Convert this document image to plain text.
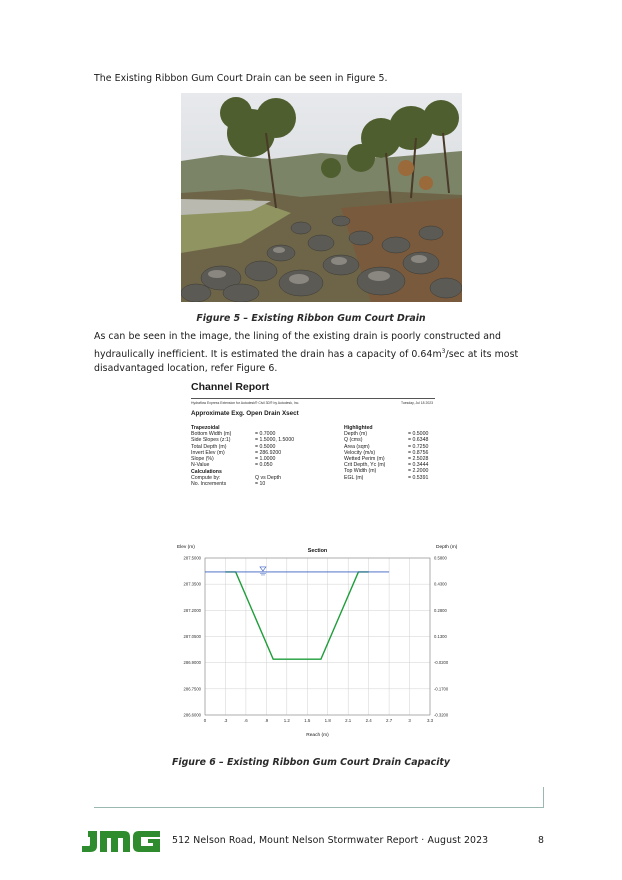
The Existing Ribbon Gum Court Drain can be seen in Figure 5.
Figure 5 – Existing Ribbon Gum Court Drain
As can be seen in the image, the lining of the existing drain is poorly constructed and hydraulically inefficient. It is estimated the drain has a capacity of $0.64m^3/\sec$ at its most disadvantaged location, refer Figure 6.
Channel Report
Hydraflow Express Extension for Autodesk® Civil 3D® by Autodesk, Inc.	Tuesday, Jul 18 2023
Approximate Exg. Open Drain Xsect
Trapezoidal
Bottom Width (m)	= 0.7000
Side Slopes (z:1)	= 1.5000, 1.5000
Total Depth (m)	= 0.5000
Invert Elev (m)	= 286.9200
Slope (%)	= 1.0000
N-Value	= 0.050
Calculations
Compute by:	Q vs Depth
No. Increments	= 10
Highlighted
Depth (m)	= 0.5000
Q (cms)	= 0.6348
Area (sqm)	= 0.7250
Velocity (m/s)	= 0.8756
Wetted Perim (m)	= 2.5028
Crit Depth, Yc (m)	= 0.3444
Top Width (m)	= 2.2000
EGL (m)	= 0.5391
287.5000	0.5800
287.3500	0.4300
287.2000	0.2800
287.0500	0.1300
286.9000	-0.0200
286.7500	-0.1700
286.6000	-0.3200
0	.3	.6	.9	1.2	1.5	1.8	2.1	2.4	2.7	3	3.3
Section
Elev (m)	Depth (m)
Reach (m)
Figure 6 – Existing Ribbon Gum Court Drain Capacity
512 Nelson Road, Mount Nelson Stormwater Report · August 2023	8
